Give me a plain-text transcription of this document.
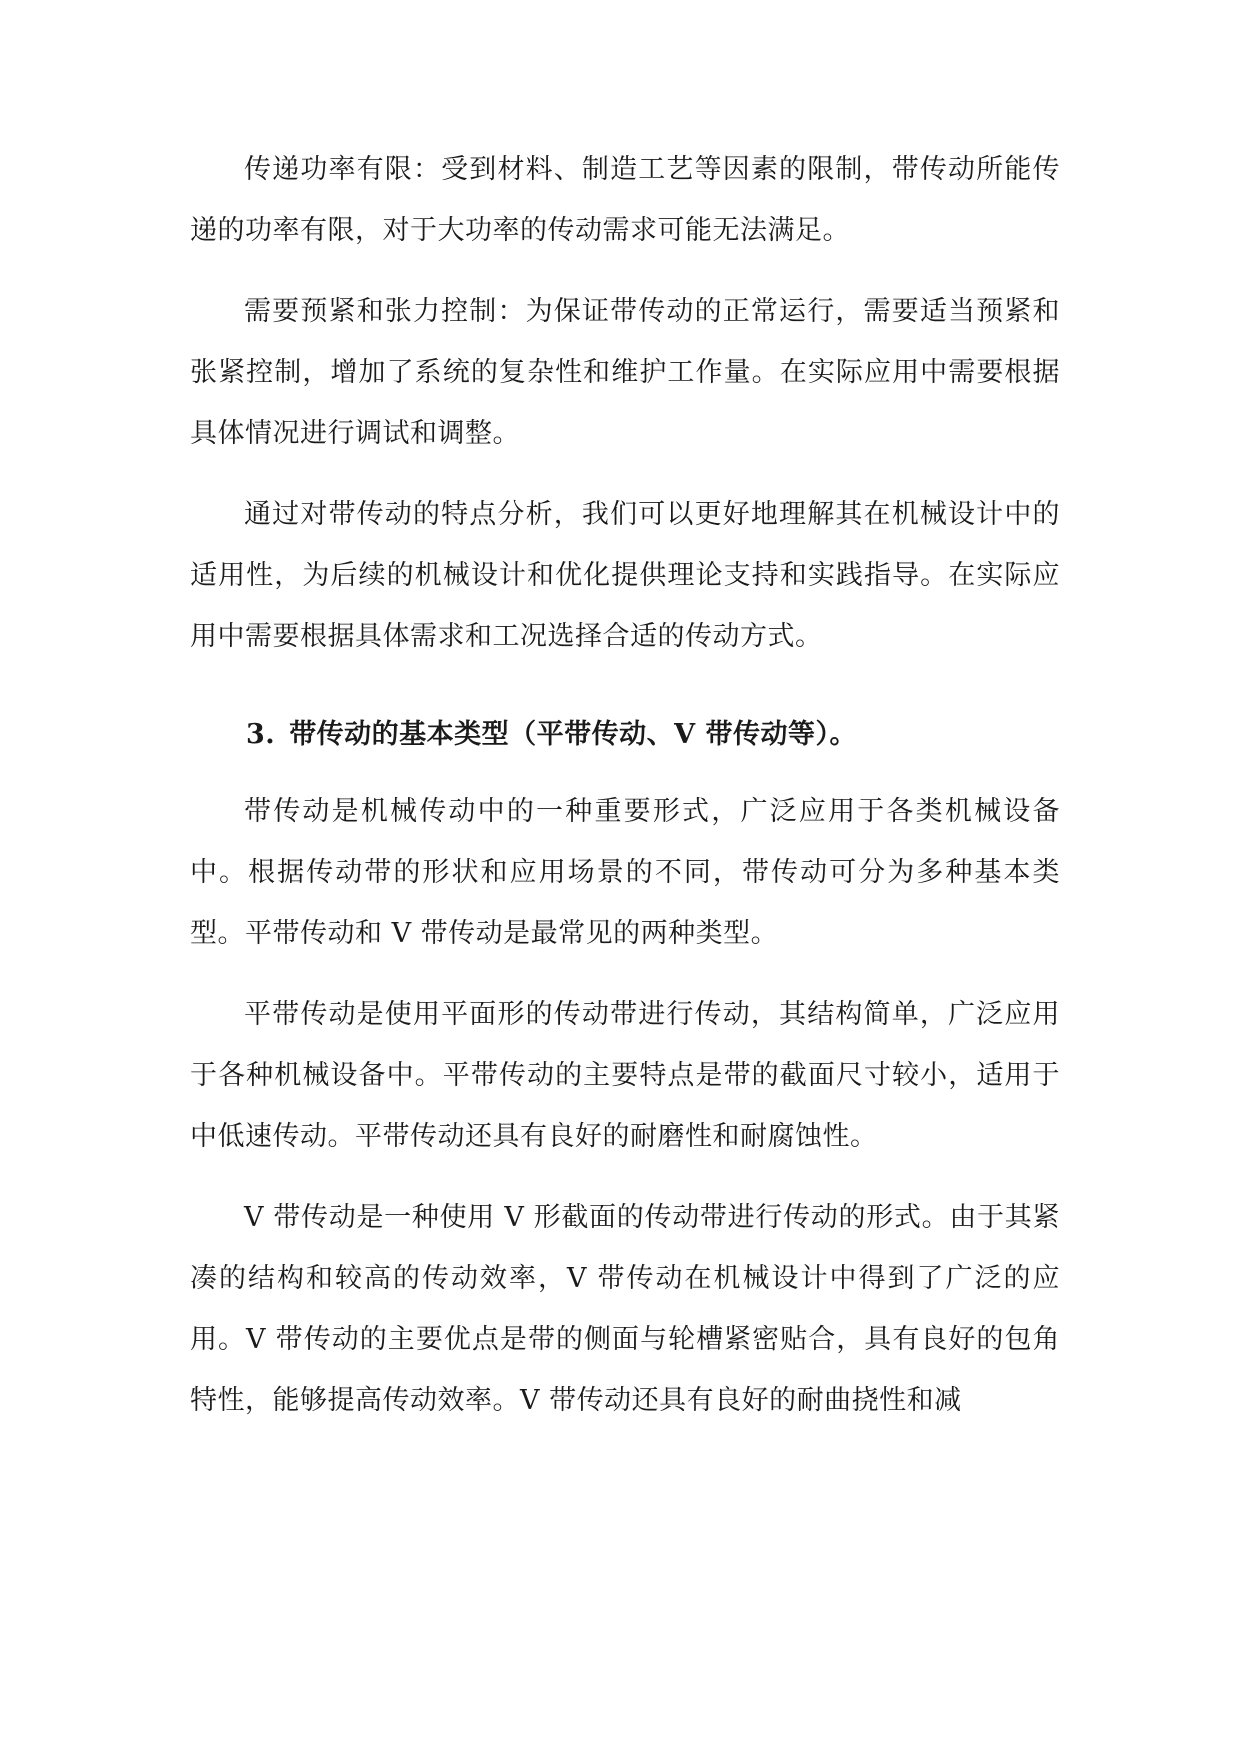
传递功率有限：受到材料、制造工艺等因素的限制，带传动所能传递的功率有限，对于大功率的传动需求可能无法满足。

需要预紧和张力控制：为保证带传动的正常运行，需要适当预紧和张紧控制，增加了系统的复杂性和维护工作量。在实际应用中需要根据具体情况进行调试和调整。

通过对带传动的特点分析，我们可以更好地理解其在机械设计中的适用性，为后续的机械设计和优化提供理论支持和实践指导。在实际应用中需要根据具体需求和工况选择合适的传动方式。

3. 带传动的基本类型（平带传动、V 带传动等）。

带传动是机械传动中的一种重要形式，广泛应用于各类机械设备中。根据传动带的形状和应用场景的不同，带传动可分为多种基本类型。平带传动和 V 带传动是最常见的两种类型。

平带传动是使用平面形的传动带进行传动，其结构简单，广泛应用于各种机械设备中。平带传动的主要特点是带的截面尺寸较小，适用于中低速传动。平带传动还具有良好的耐磨性和耐腐蚀性。

V 带传动是一种使用 V 形截面的传动带进行传动的形式。由于其紧凑的结构和较高的传动效率，V 带传动在机械设计中得到了广泛的应用。V 带传动的主要优点是带的侧面与轮槽紧密贴合，具有良好的包角特性，能够提高传动效率。V 带传动还具有良好的耐曲挠性和减
